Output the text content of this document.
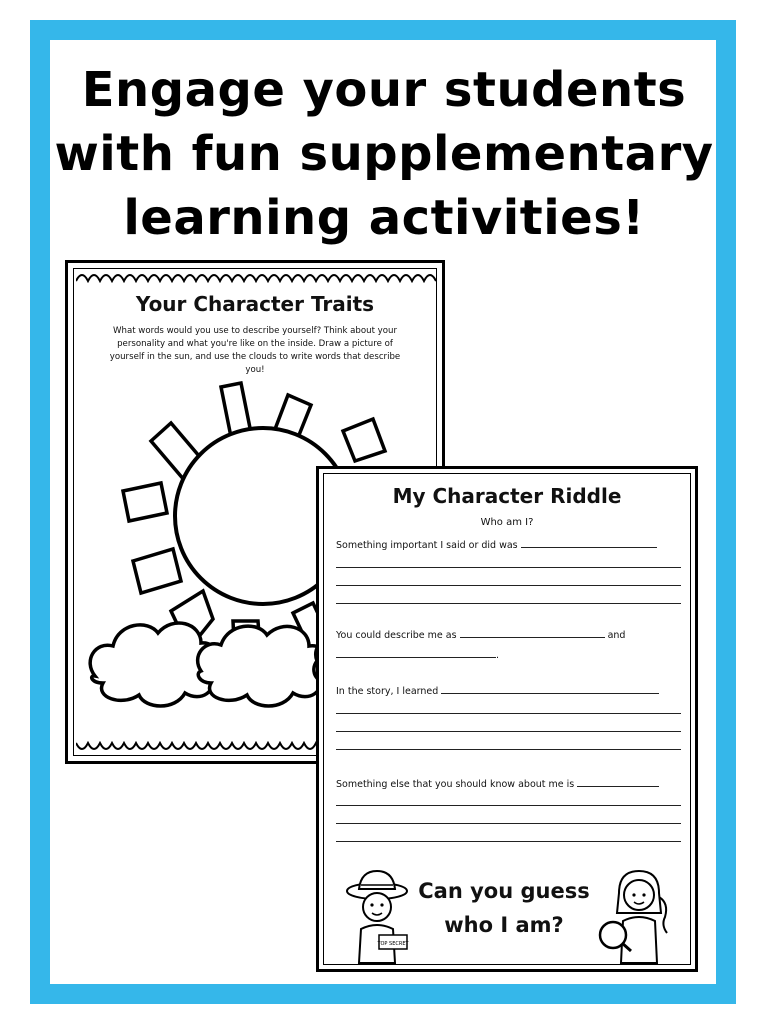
Engage your students
with fun supplementary
learning activities!
Your Character Traits
What words would you use to describe yourself? Think about your personality and what you're like on the inside. Draw a picture of yourself in the sun, and use the clouds to write words that describe you!
My Character Riddle
Who am I?
Something important I said or did was
You could describe me as	and
.
In the story, I learned
Something else that you should know about me is
TOP SECRET
Can you guess
who I am?
